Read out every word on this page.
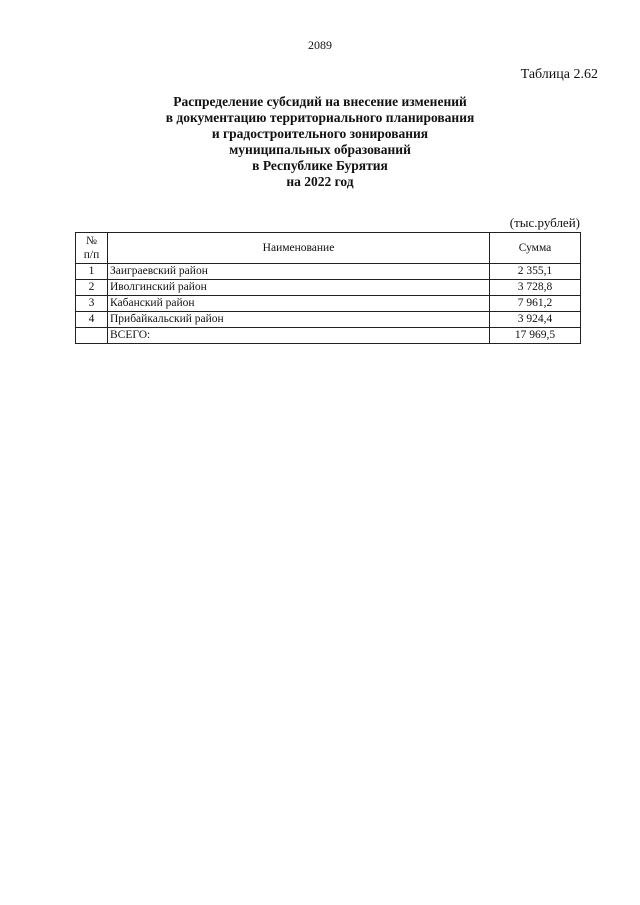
2089
Таблица 2.62
Распределение субсидий на внесение изменений
в документацию территориального планирования
и градостроительного зонирования
муниципальных образований
в Республике Бурятия
на 2022 год
(тыс.рублей)
№
п/п	Наименование	Сумма
1	Заиграевский район	2 355,1
2	Иволгинский район	3 728,8
3	Кабанский район	7 961,2
4	Прибайкальский район	3 924,4
	ВСЕГО:	17 969,5
